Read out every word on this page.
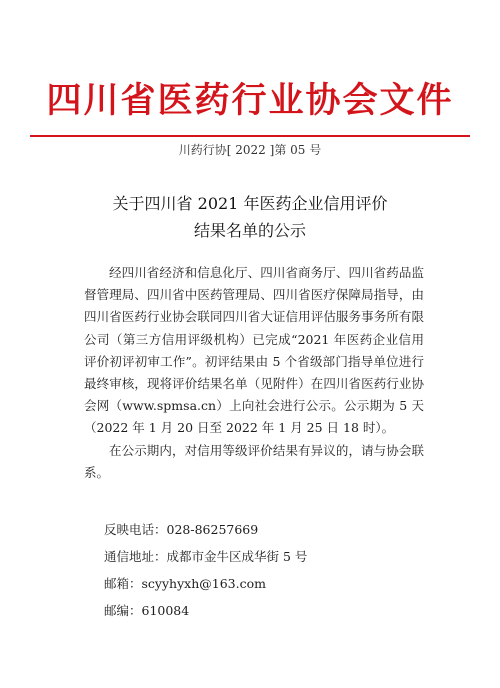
四川省医药行业协会文件
川药行协[ 2022 ]第 05 号
关于四川省 2021 年医药企业信用评价
结果名单的公示

经四川省经济和信息化厅、四川省商务厅、四川省药品监督管理局、四川省中医药管理局、四川省医疗保障局指导，由四川省医药行业协会联同四川省大证信用评估服务事务所有限公司（第三方信用评级机构）已完成“2021 年医药企业信用评价初评初审工作”。初评结果由 5 个省级部门指导单位进行最终审核，现将评价结果名单（见附件）在四川省医药行业协会网（www.spmsa.cn）上向社会进行公示。公示期为 5 天（2022 年 1 月 20 日至 2022 年 1 月 25 日 18 时）。

在公示期内，对信用等级评价结果有异议的，请与协会联系。

反映电话：028-86257669
通信地址：成都市金牛区成华街 5 号
邮箱：scyyhyxh@163.com
邮编：610084
